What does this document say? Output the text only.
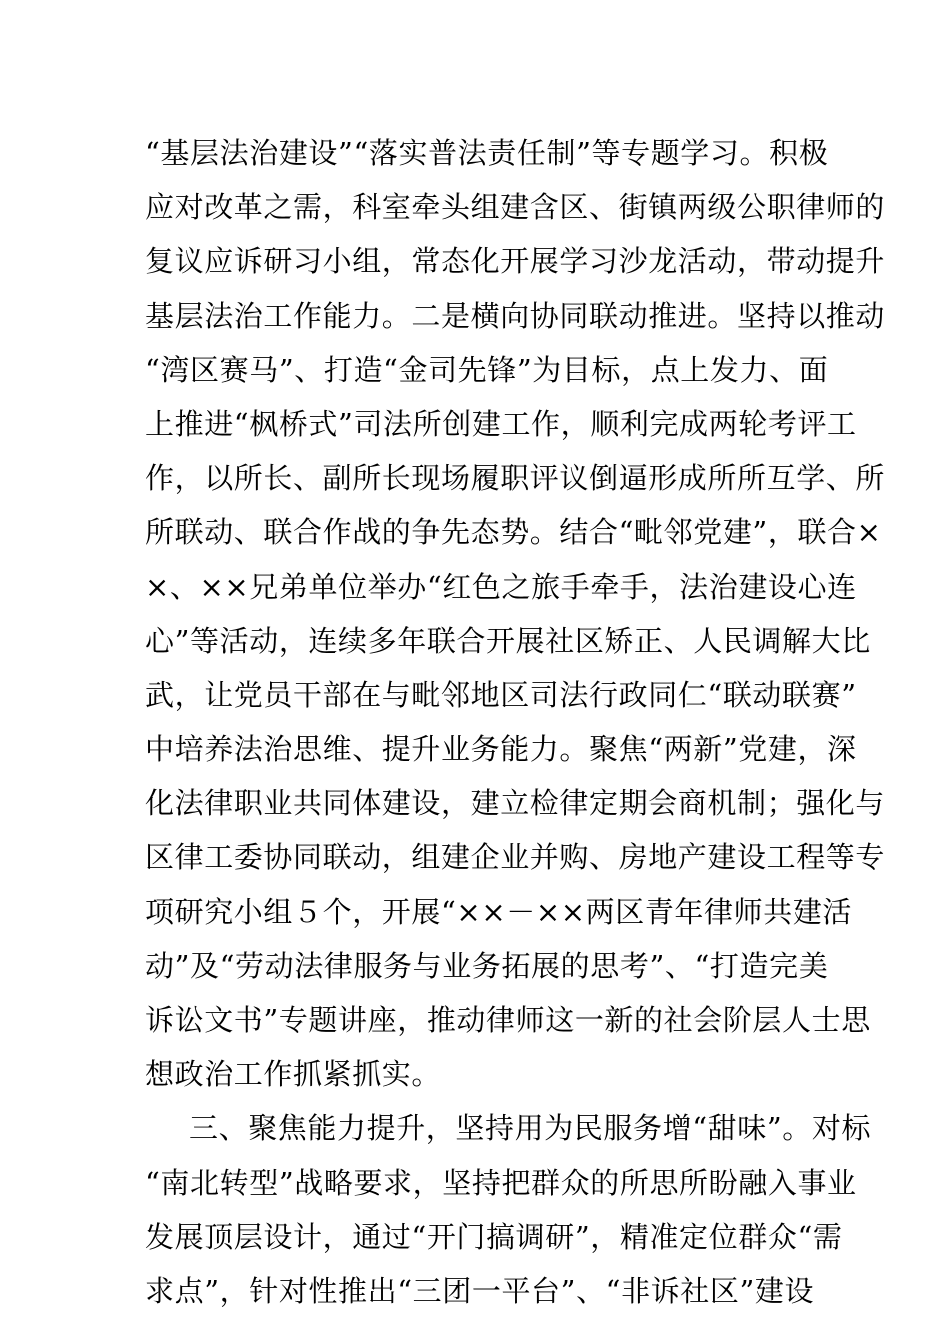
“基层法治建设”“落实普法责任制”等专题学习。积极
应对改革之需，科室牵头组建含区、街镇两级公职律师的
复议应诉研习小组，常态化开展学习沙龙活动，带动提升
基层法治工作能力。二是横向协同联动推进。坚持以推动
“湾区赛马”、打造“金司先锋”为目标，点上发力、面
上推进“枫桥式”司法所创建工作，顺利完成两轮考评工
作，以所长、副所长现场履职评议倒逼形成所所互学、所
所联动、联合作战的争先态势。结合“毗邻党建”，联合×
×、××兄弟单位举办“红色之旅手牵手，法治建设心连
心”等活动，连续多年联合开展社区矫正、人民调解大比
武，让党员干部在与毗邻地区司法行政同仁“联动联赛”
中培养法治思维、提升业务能力。聚焦“两新”党建，深
化法律职业共同体建设，建立检律定期会商机制；强化与
区律工委协同联动，组建企业并购、房地产建设工程等专
项研究小组５个，开展“××－××两区青年律师共建活
动”及“劳动法律服务与业务拓展的思考”、“打造完美
诉讼文书”专题讲座，推动律师这一新的社会阶层人士思
想政治工作抓紧抓实。
三、聚焦能力提升，坚持用为民服务增“甜味”。对标
“南北转型”战略要求，坚持把群众的所思所盼融入事业
发展顶层设计，通过“开门搞调研”，精准定位群众“需
求点”，针对性推出“三团一平台”、“非诉社区”建设
